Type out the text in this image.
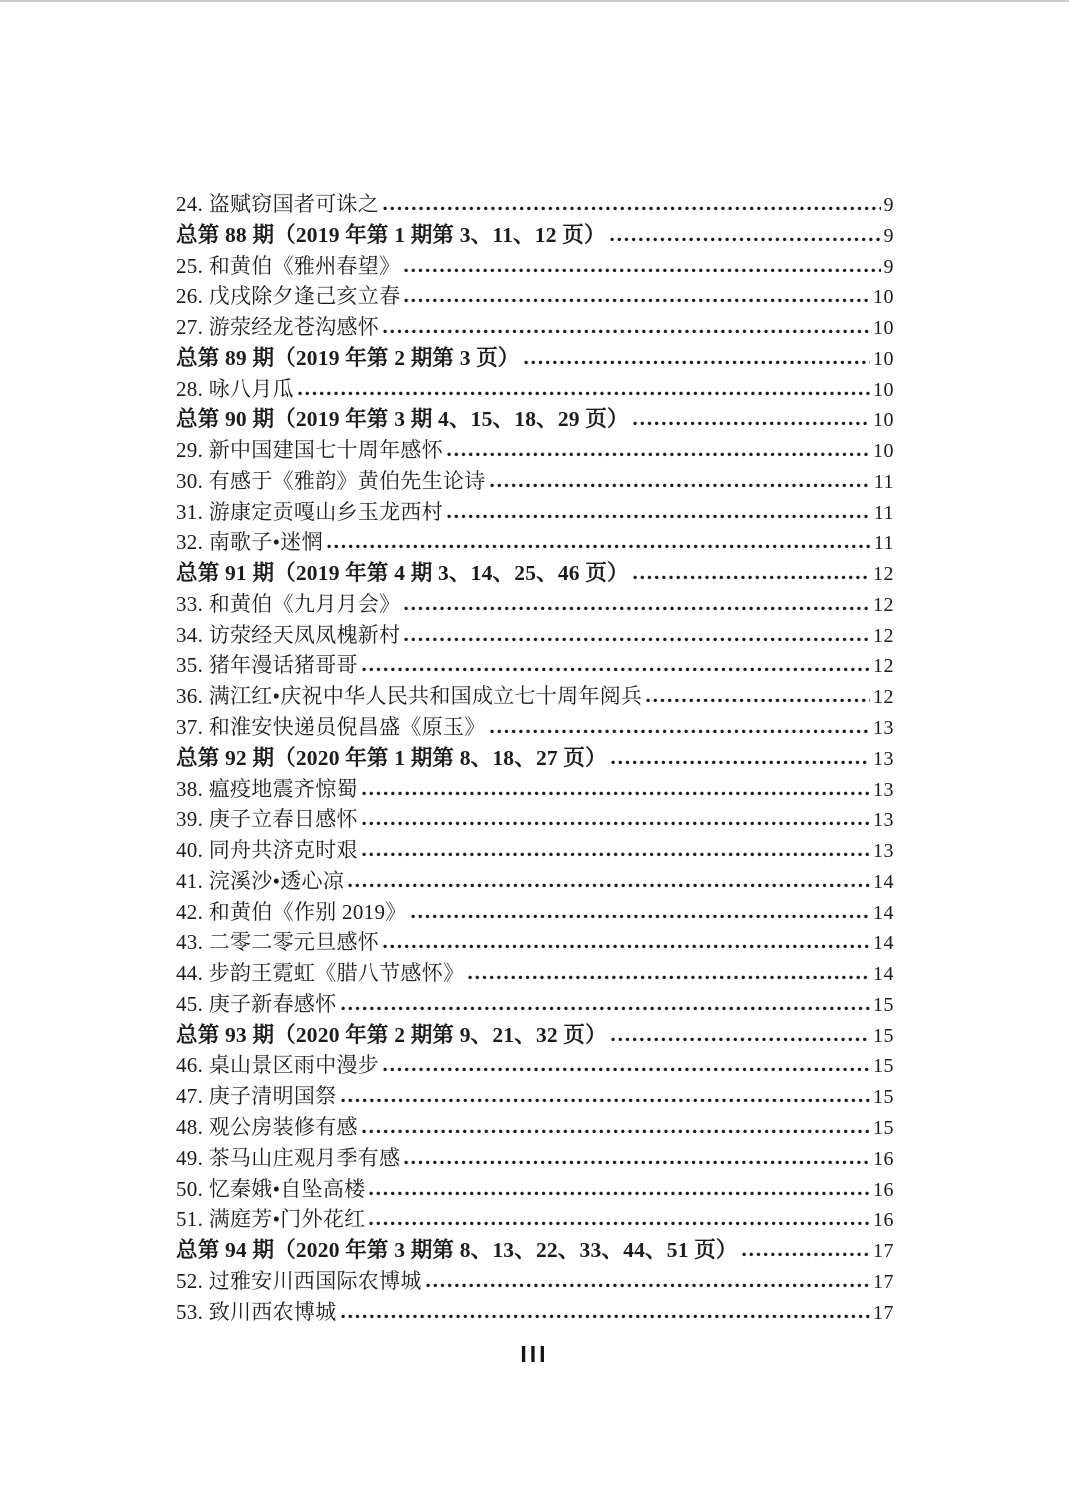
24. 盗赋窃国者可诛之	9
总第 88 期（2019 年第 1 期第 3、11、12 页）	9
25. 和黄伯《雅州春望》	9
26. 戊戌除夕逢己亥立春	10
27. 游荥经龙苍沟感怀	10
总第 89 期（2019 年第 2 期第 3 页）	10
28. 咏八月瓜	10
总第 90 期（2019 年第 3 期 4、15、18、29 页）	10
29. 新中国建国七十周年感怀	10
30. 有感于《雅韵》黄伯先生论诗	11
31. 游康定贡嘎山乡玉龙西村	11
32. 南歌子•迷惘	11
总第 91 期（2019 年第 4 期 3、14、25、46 页）	12
33. 和黄伯《九月月会》	12
34. 访荥经天凤凤槐新村	12
35. 猪年漫话猪哥哥	12
36. 满江红•庆祝中华人民共和国成立七十周年阅兵	12
37. 和淮安快递员倪昌盛《原玉》	13
总第 92 期（2020 年第 1 期第 8、18、27 页）	13
38. 瘟疫地震齐惊蜀	13
39. 庚子立春日感怀	13
40. 同舟共济克时艰	13
41. 浣溪沙•透心凉	14
42. 和黄伯《作别 2019》	14
43. 二零二零元旦感怀	14
44. 步韵王霓虹《腊八节感怀》	14
45. 庚子新春感怀	15
总第 93 期（2020 年第 2 期第 9、21、32 页）	15
46. 桌山景区雨中漫步	15
47. 庚子清明国祭	15
48. 观公房装修有感	15
49. 茶马山庄观月季有感	16
50. 忆秦娥•自坠高楼	16
51. 满庭芳•门外花红	16
总第 94 期（2020 年第 3 期第 8、13、22、33、44、51 页）	17
52. 过雅安川西国际农博城	17
53. 致川西农博城	17
III
